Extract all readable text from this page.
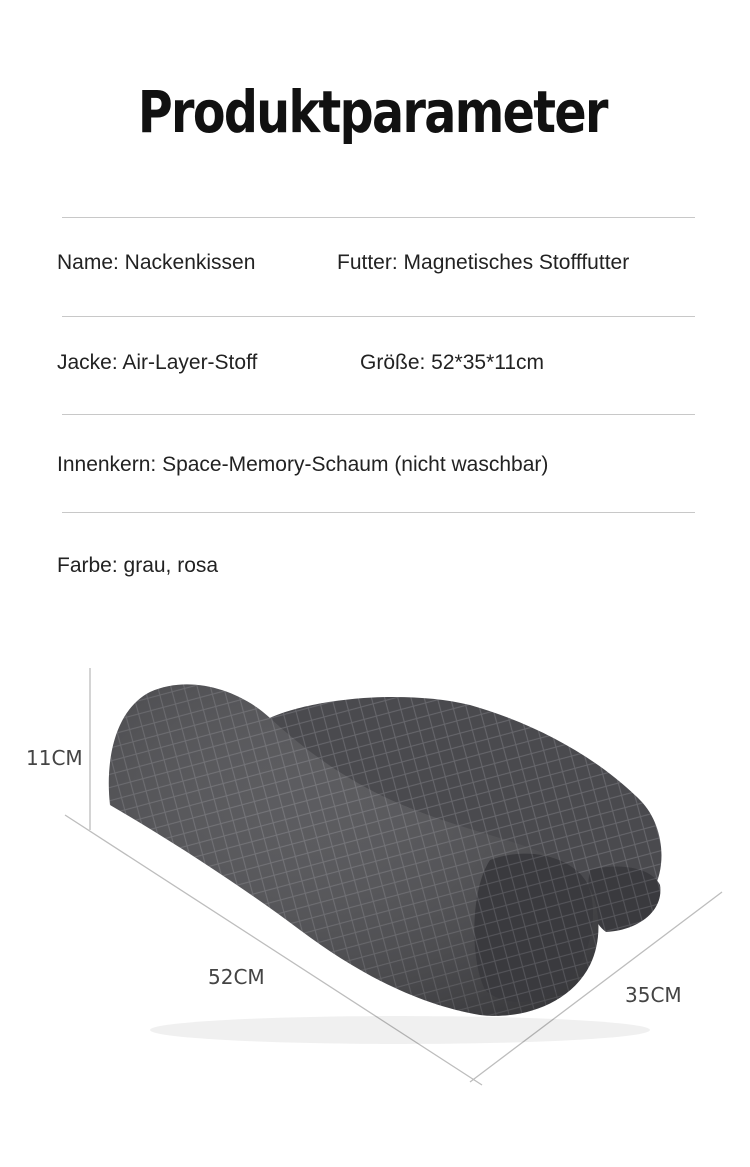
Produktparameter
Name: Nackenkissen	Futter: Magnetisches Stofffutter
Jacke: Air-Layer-Stoff	Größe: 52*35*11cm
Innenkern: Space-Memory-Schaum (nicht waschbar)
Farbe: grau, rosa
11CM
52CM
35CM
